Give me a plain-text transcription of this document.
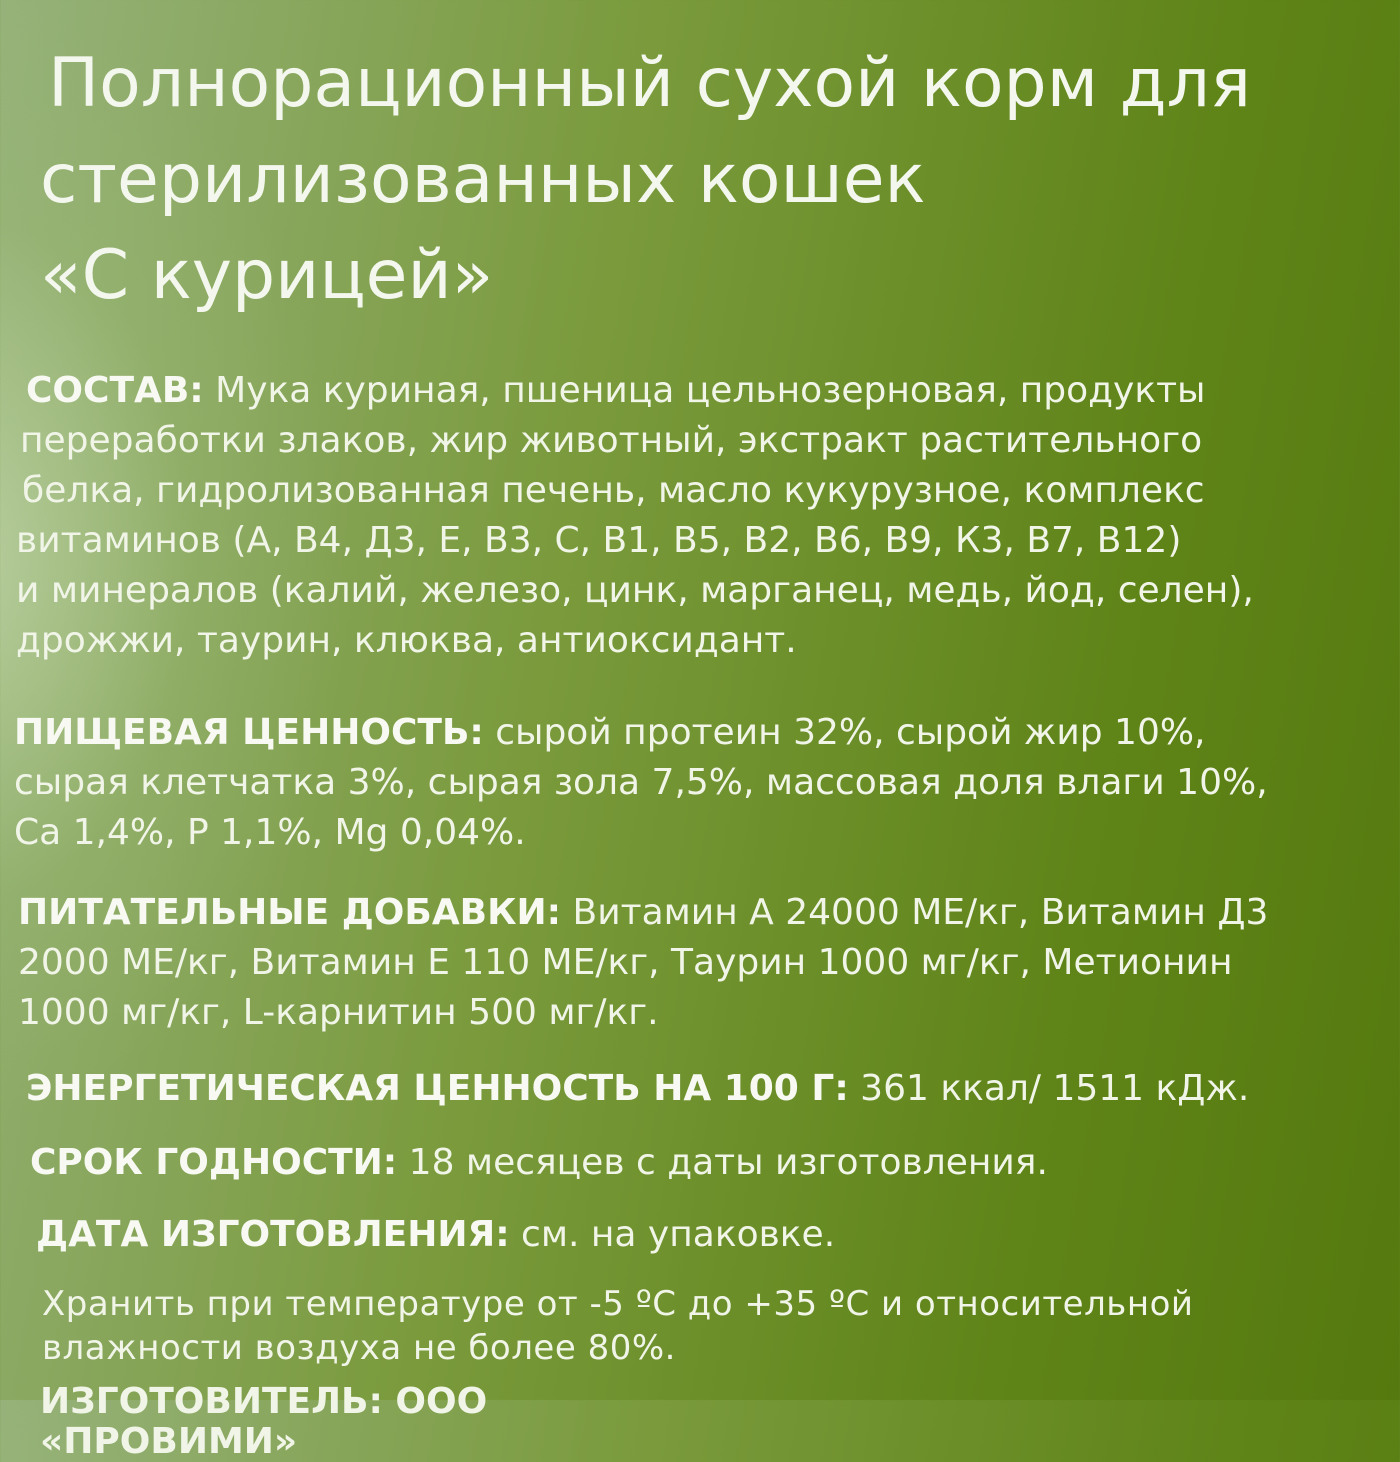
Полнорационный сухой корм для
стерилизованных кошек
«С курицей»
СОСТАВ: Мука куриная, пшеница цельнозерновая, продукты
переработки злаков, жир животный, экстракт растительного
белка, гидролизованная печень, масло кукурузное, комплекс
витаминов (А, В4, Д3, Е, В3, С, В1, В5, В2, В6, В9, К3, В7, В12)
и минералов (калий, железо, цинк, марганец, медь, йод, селен),
дрожжи, таурин, клюква, антиоксидант.
ПИЩЕВАЯ ЦЕННОСТЬ: сырой протеин 32%, сырой жир 10%,
сырая клетчатка 3%, сырая зола 7,5%, массовая доля влаги 10%,
Са 1,4%, Р 1,1%, Mg 0,04%.
ПИТАТЕЛЬНЫЕ ДОБАВКИ: Витамин А 24000 МЕ/кг, Витамин Д3
2000 МЕ/кг, Витамин Е 110 МЕ/кг, Таурин 1000 мг/кг, Метионин
1000 мг/кг, L-карнитин 500 мг/кг.
ЭНЕРГЕТИЧЕСКАЯ ЦЕННОСТЬ НА 100 Г: 361 ккал/ 1511 кДж.
СРОК ГОДНОСТИ: 18 месяцев с даты изготовления.
ДАТА ИЗГОТОВЛЕНИЯ: см. на упаковке.
Хранить при температуре от -5 ºС до +35 ºС и относительной
влажности воздуха не более 80%.
ИЗГОТОВИТЕЛЬ: ООО «ПРОВИМИ»
